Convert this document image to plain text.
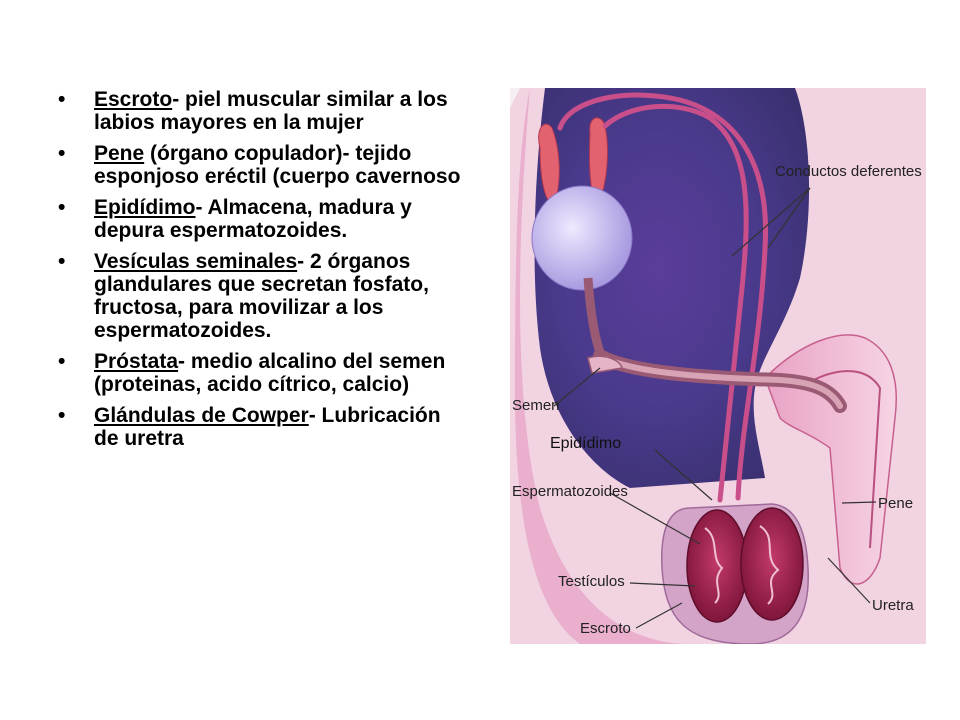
• Escroto- piel muscular similar a los labios mayores en la mujer
• Pene (órgano copulador)- tejido esponjoso eréctil (cuerpo cavernoso
• Epidídimo- Almacena, madura y depura espermatozoides.
• Vesículas seminales- 2 órganos glandulares que secretan fosfato, fructosa, para movilizar a los espermatozoides.
• Próstata- medio alcalino del semen (proteinas, acido cítrico, calcio)
• Glándulas de Cowper- Lubricación de uretra
Conductos deferentes
Semen
Epidídimo
Espermatozoides
Pene
Testículos
Escroto
Uretra
